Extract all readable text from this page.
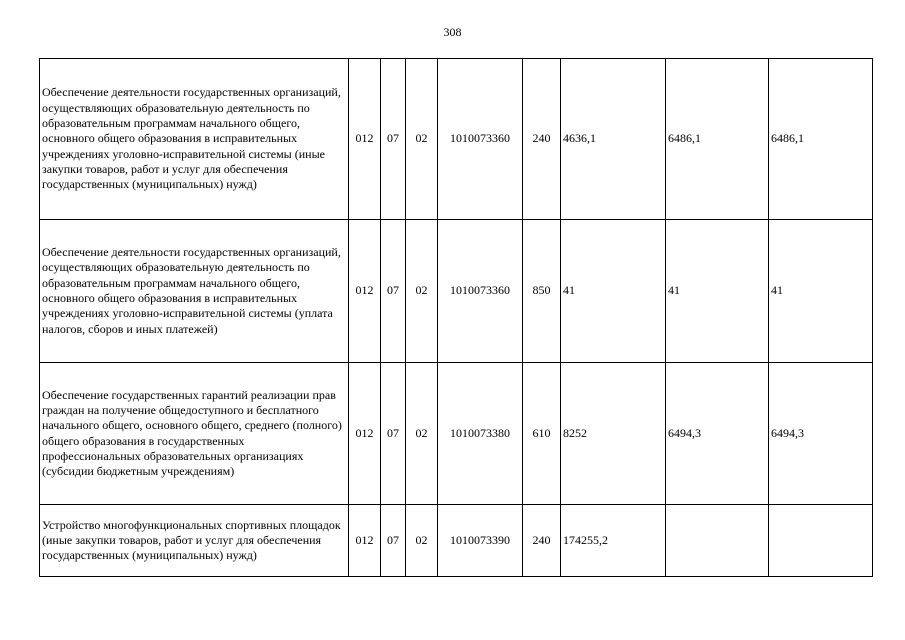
308
Обеспечение деятельности государственных организаций, осуществляющих образовательную деятельность по образовательным программам начального общего, основного общего образования в исправительных учреждениях уголовно-исправительной системы (иные закупки товаров, работ и услуг для обеспечения государственных (муниципальных) нужд)	012	07	02	1010073360	240	4636,1	6486,1	6486,1
Обеспечение деятельности государственных организаций, осуществляющих образовательную деятельность по образовательным программам начального общего, основного общего образования в исправительных учреждениях уголовно-исправительной системы (уплата налогов, сборов и иных платежей)	012	07	02	1010073360	850	41	41	41
Обеспечение государственных гарантий реализации прав граждан на получение общедоступного и бесплатного начального общего, основного общего, среднего (полного) общего образования в государственных профессиональных образовательных организациях (субсидии бюджетным учреждениям)	012	07	02	1010073380	610	8252	6494,3	6494,3
Устройство многофункциональных спортивных площадок (иные закупки товаров, работ и услуг для обеспечения государственных (муниципальных) нужд)	012	07	02	1010073390	240	174255,2		
